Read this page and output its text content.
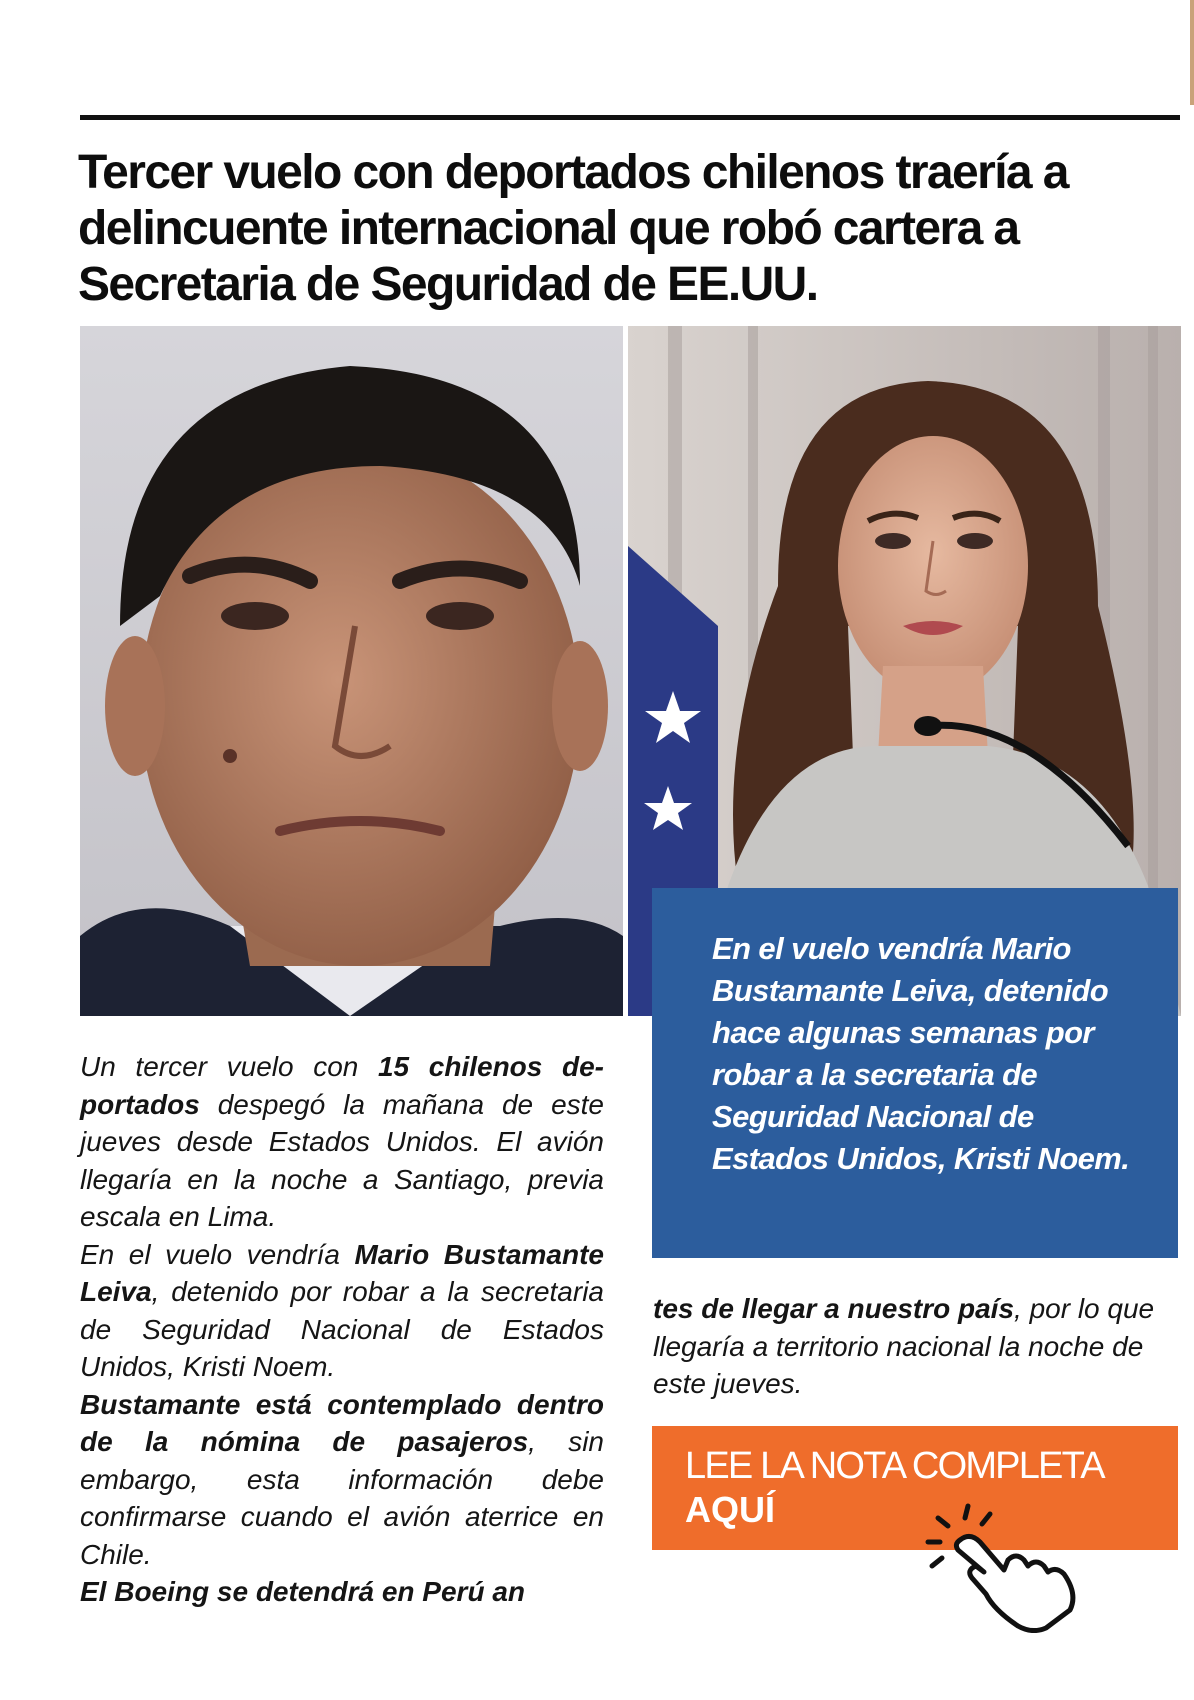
Tercer vuelo con deportados chilenos traería a delincuente internacional que robó cartera a Secretaria de Seguridad de EE.UU.

Un tercer vuelo con 15 chilenos deportados despegó la mañana de este jueves desde Estados Unidos. El avión llegaría en la noche a Santiago, previa escala en Lima.

En el vuelo vendría Mario Bustamante Leiva, detenido por robar a la secretaria de Seguridad Nacional de Estados Unidos, Kristi Noem.

Bustamante está contemplado dentro de la nómina de pasajeros, sin embargo, esta información debe confirmarse cuando el avión aterrice en Chile.

El Boeing se detendrá en Perú an

En el vuelo vendría Mario Bustamante Leiva, detenido hace algunas semanas por robar a la secretaria de Seguridad Nacional de Estados Unidos, Kristi Noem.

tes de llegar a nuestro país, por lo que llegaría a territorio nacional la noche de este jueves.

LEE LA NOTA COMPLETA
AQUÍ
